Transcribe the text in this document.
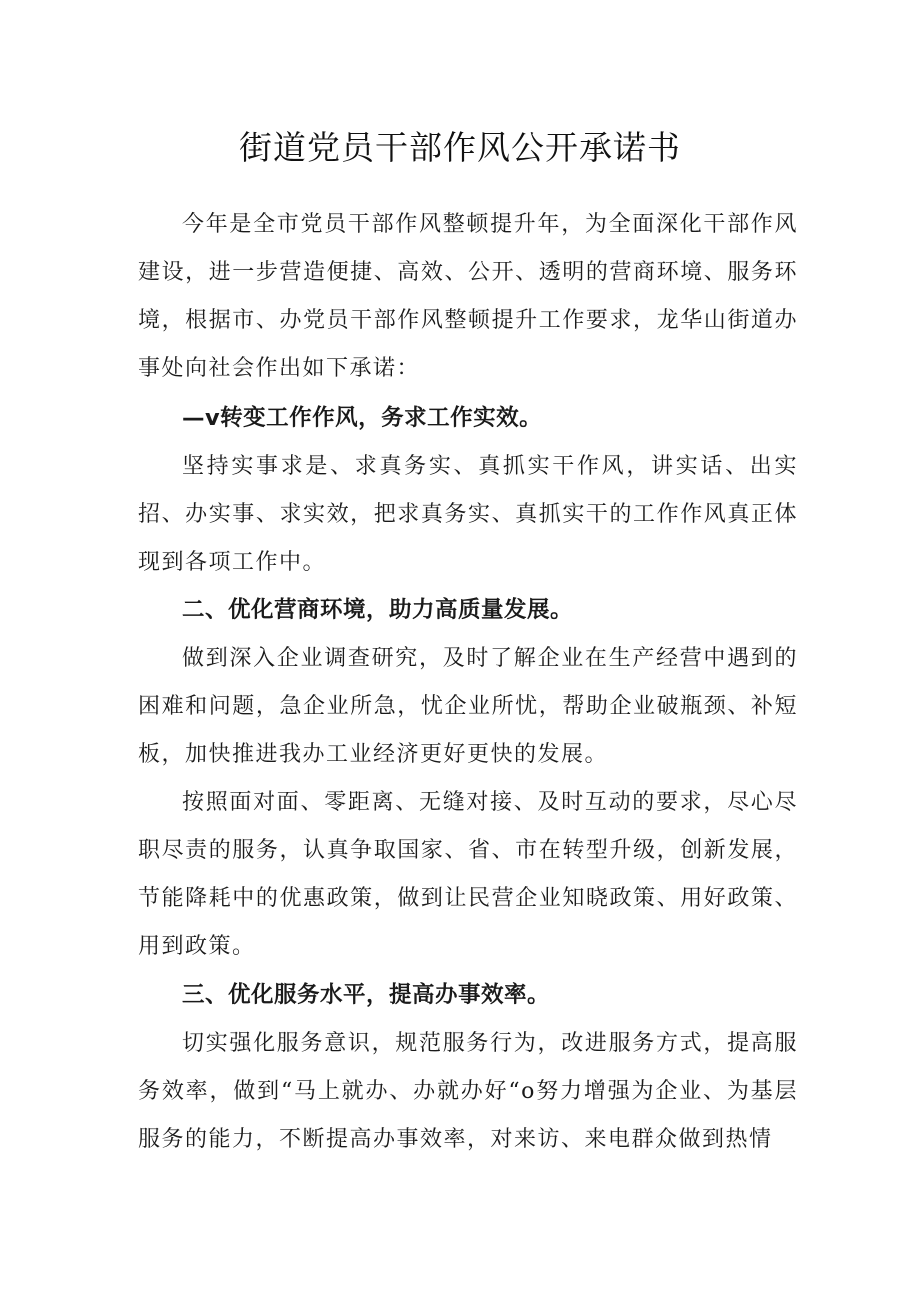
街道党员干部作风公开承诺书
今年是全市党员干部作风整顿提升年，为全面深化干部作风建设，进一步营造便捷、高效、公开、透明的营商环境、服务环境，根据市、办党员干部作风整顿提升工作要求，龙华山街道办事处向社会作出如下承诺：
—v转变工作作风，务求工作实效。
坚持实事求是、求真务实、真抓实干作风，讲实话、出实招、办实事、求实效，把求真务实、真抓实干的工作作风真正体现到各项工作中。
二、优化营商环境，助力高质量发展。
做到深入企业调查研究，及时了解企业在生产经营中遇到的困难和问题，急企业所急，忧企业所忧，帮助企业破瓶颈、补短板，加快推进我办工业经济更好更快的发展。
按照面对面、零距离、无缝对接、及时互动的要求，尽心尽职尽责的服务，认真争取国家、省、市在转型升级，创新发展，节能降耗中的优惠政策，做到让民营企业知晓政策、用好政策、用到政策。
三、优化服务水平，提高办事效率。
切实强化服务意识，规范服务行为，改进服务方式，提高服务效率，做到“马上就办、办就办好“o努力增强为企业、为基层服务的能力，不断提高办事效率，对来访、来电群众做到热情
